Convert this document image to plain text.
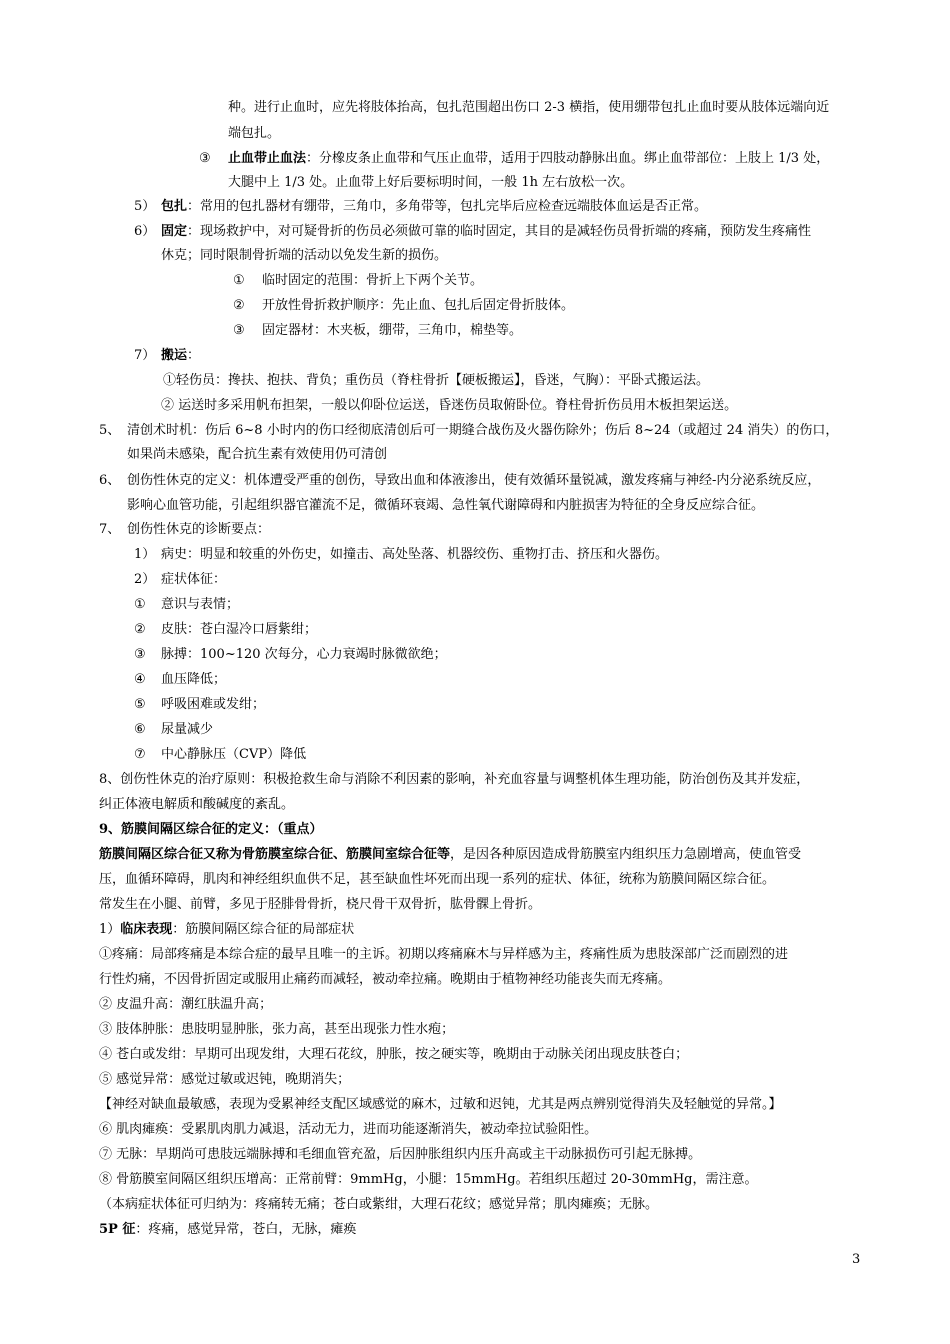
种。进行止血时，应先将肢体抬高，包扎范围超出伤口 2-3 横指，使用绷带包扎止血时要从肢体远端向近
端包扎。
③ 止血带止血法：分橡皮条止血带和气压止血带，适用于四肢动静脉出血。绑止血带部位：上肢上 1/3 处，
大腿中上 1/3 处。止血带上好后要标明时间，一般 1h 左右放松一次。
5） 包扎：常用的包扎器材有绷带，三角巾，多角带等，包扎完毕后应检查远端肢体血运是否正常。
6） 固定：现场救护中，对可疑骨折的伤员必须做可靠的临时固定，其目的是减轻伤员骨折端的疼痛，预防发生疼痛性
休克；同时限制骨折端的活动以免发生新的损伤。
① 临时固定的范围：骨折上下两个关节。
② 开放性骨折救护顺序：先止血、包扎后固定骨折肢体。
③ 固定器材：木夹板，绷带，三角巾，棉垫等。
7） 搬运：
①轻伤员：搀扶、抱扶、背负；重伤员（脊柱骨折【硬板搬运】，昏迷，气胸）：平卧式搬运法。
② 运送时多采用帆布担架，一般以仰卧位运送，昏迷伤员取俯卧位。脊柱骨折伤员用木板担架运送。
5、 清创术时机：伤后 6~8 小时内的伤口经彻底清创后可一期缝合战伤及火器伤除外；伤后 8~24（或超过 24 消失）的伤口，
如果尚未感染，配合抗生素有效使用仍可清创
6、 创伤性休克的定义：机体遭受严重的创伤，导致出血和体液渗出，使有效循环量锐减，激发疼痛与神经-内分泌系统反应，
影响心血管功能，引起组织器官灌流不足，微循环衰竭、急性氧代谢障碍和内脏损害为特征的全身反应综合征。
7、 创伤性休克的诊断要点：
1） 病史：明显和较重的外伤史，如撞击、高处坠落、机器绞伤、重物打击、挤压和火器伤。
2） 症状体征：
① 意识与表情；
② 皮肤：苍白湿冷口唇紫绀；
③ 脉搏：100~120 次每分，心力衰竭时脉微欲绝；
④ 血压降低；
⑤ 呼吸困难或发绀；
⑥ 尿量减少
⑦ 中心静脉压（CVP）降低
8、创伤性休克的治疗原则：积极抢救生命与消除不利因素的影响，补充血容量与调整机体生理功能，防治创伤及其并发症，
纠正体液电解质和酸碱度的紊乱。
9、筋膜间隔区综合征的定义：（重点）
筋膜间隔区综合征又称为骨筋膜室综合征、筋膜间室综合征等，是因各种原因造成骨筋膜室内组织压力急剧增高，使血管受
压，血循环障碍，肌肉和神经组织血供不足，甚至缺血性坏死而出现一系列的症状、体征，统称为筋膜间隔区综合征。
常发生在小腿、前臂，多见于胫腓骨骨折，桡尺骨干双骨折，肱骨髁上骨折。
1）临床表现：筋膜间隔区综合征的局部症状
①疼痛：局部疼痛是本综合症的最早且唯一的主诉。初期以疼痛麻木与异样感为主，疼痛性质为患肢深部广泛而剧烈的进
行性灼痛，不因骨折固定或服用止痛药而减轻，被动牵拉痛。晚期由于植物神经功能丧失而无疼痛。
② 皮温升高：潮红肤温升高；
③ 肢体肿胀：患肢明显肿胀，张力高，甚至出现张力性水疱；
④ 苍白或发绀：早期可出现发绀，大理石花纹，肿胀，按之硬实等，晚期由于动脉关闭出现皮肤苍白；
⑤ 感觉异常：感觉过敏或迟钝，晚期消失；
【神经对缺血最敏感，表现为受累神经支配区域感觉的麻木，过敏和迟钝，尤其是两点辨别觉得消失及轻触觉的异常。】
⑥ 肌肉瘫痪：受累肌肉肌力减退，活动无力，进而功能逐渐消失，被动牵拉试验阳性。
⑦ 无脉：早期尚可患肢远端脉搏和毛细血管充盈，后因肿胀组织内压升高或主干动脉损伤可引起无脉搏。
⑧ 骨筋膜室间隔区组织压增高：正常前臂：9mmHg，小腿：15mmHg。若组织压超过 20-30mmHg，需注意。
（本病症状体征可归纳为：疼痛转无痛；苍白或紫绀，大理石花纹；感觉异常；肌肉瘫痪；无脉。
5P 征：疼痛，感觉异常，苍白，无脉，瘫痪
3
